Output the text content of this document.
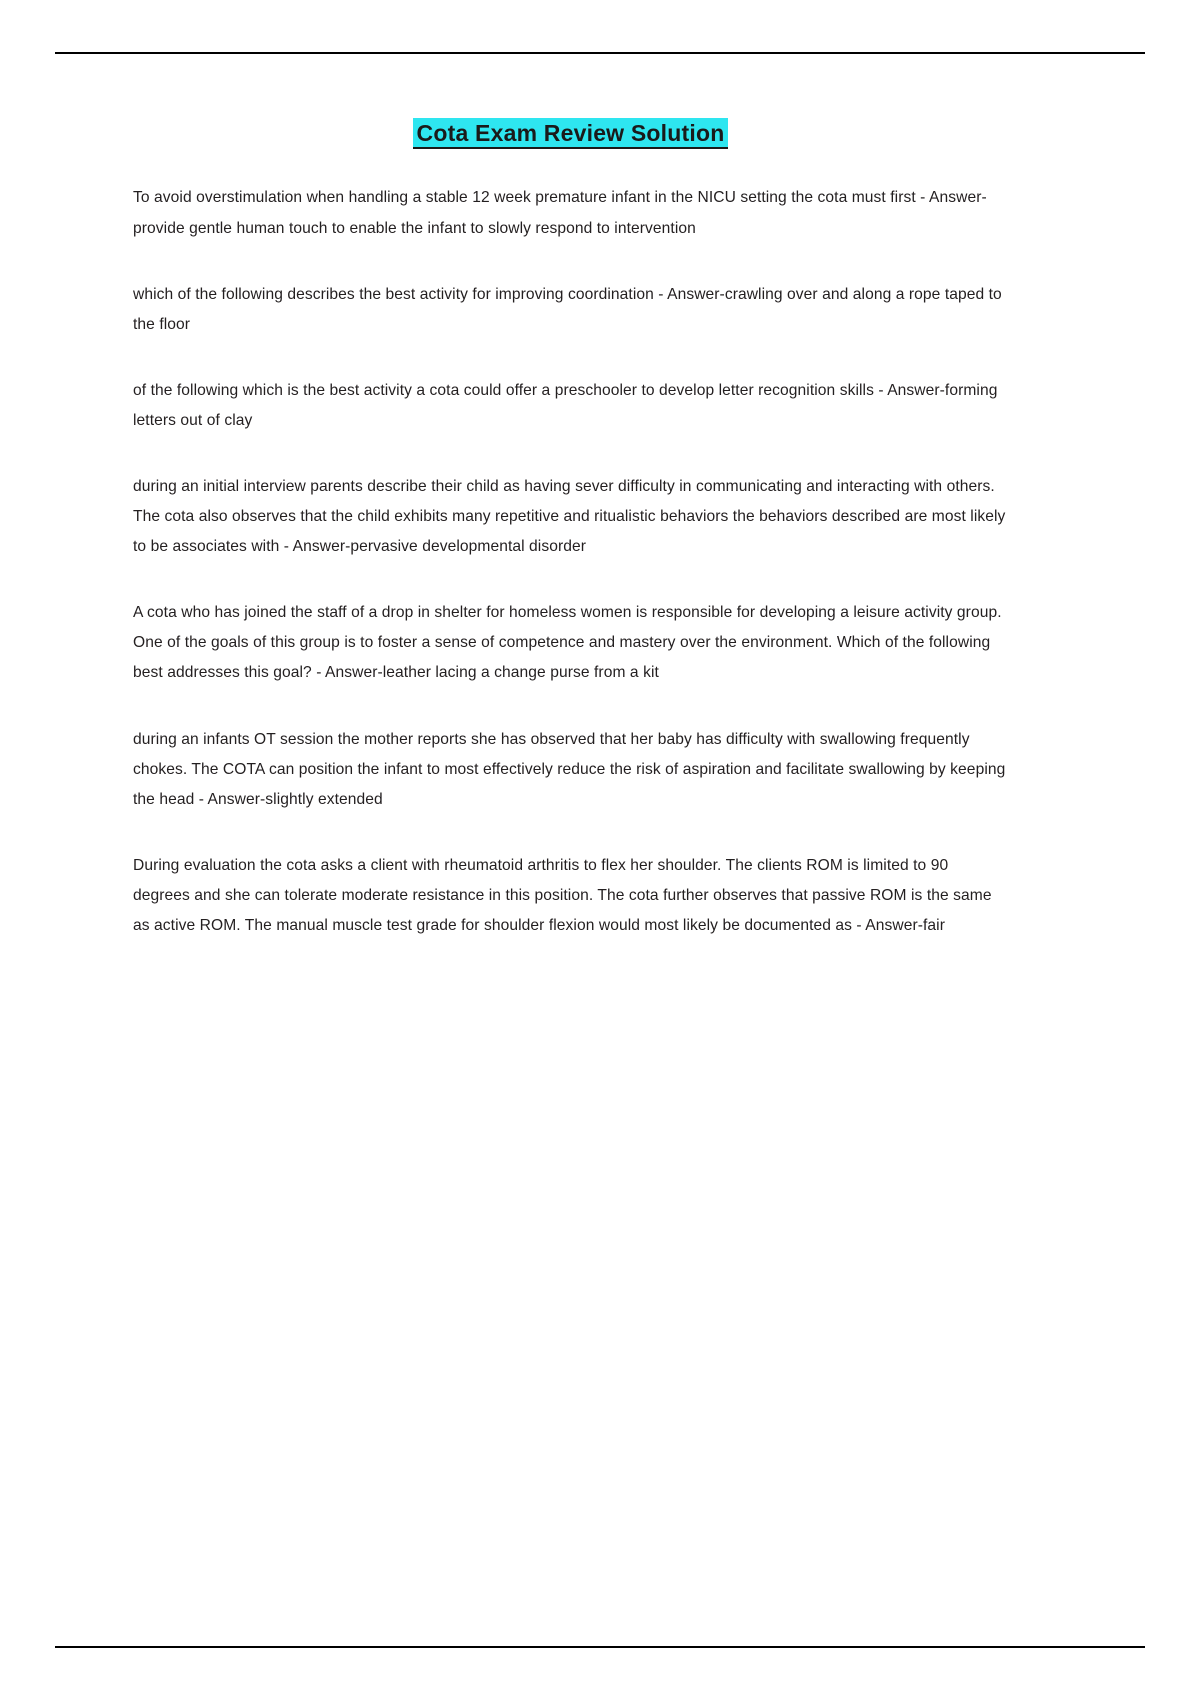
Cota Exam Review Solution

To avoid overstimulation when handling a stable 12 week premature infant in the NICU setting the cota must first - Answer-provide gentle human touch to enable the infant to slowly respond to intervention

which of the following describes the best activity for improving coordination - Answer-crawling over and along a rope taped to the floor

of the following which is the best activity a cota could offer a preschooler to develop letter recognition skills - Answer-forming letters out of clay

during an initial interview parents describe their child as having sever difficulty in communicating and interacting with others. The cota also observes that the child exhibits many repetitive and ritualistic behaviors the behaviors described are most likely to be associates with - Answer-pervasive developmental disorder

A cota who has joined the staff of a drop in shelter for homeless women is responsible for developing a leisure activity group. One of the goals of this group is to foster a sense of competence and mastery over the environment. Which of the following best addresses this goal? - Answer-leather lacing a change purse from a kit

during an infants OT session the mother reports she has observed that her baby has difficulty with swallowing frequently chokes. The COTA can position the infant to most effectively reduce the risk of aspiration and facilitate swallowing by keeping the head - Answer-slightly extended

During evaluation the cota asks a client with rheumatoid arthritis to flex her shoulder. The clients ROM is limited to 90 degrees and she can tolerate moderate resistance in this position. The cota further observes that passive ROM is the same as active ROM. The manual muscle test grade for shoulder flexion would most likely be documented as - Answer-fair
